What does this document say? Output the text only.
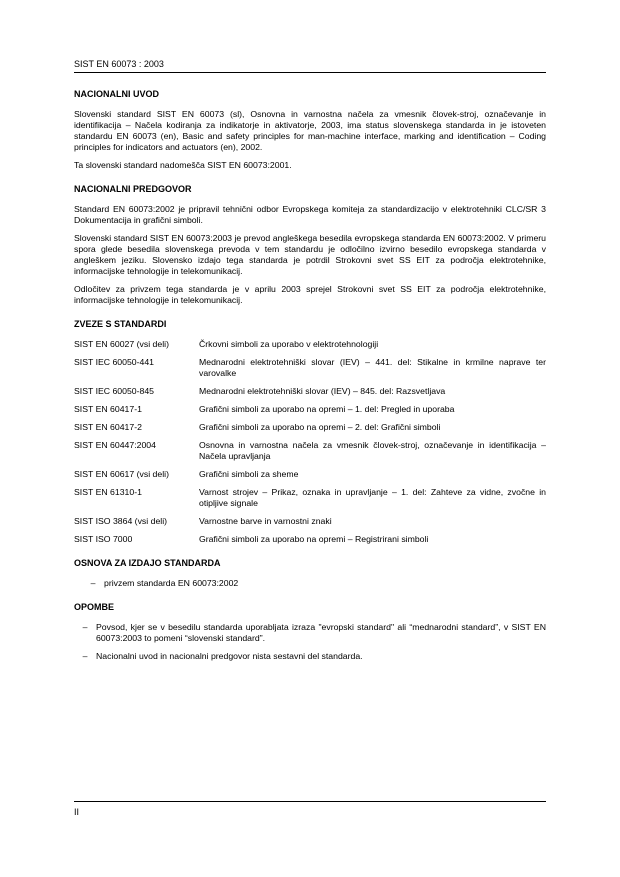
SIST EN 60073 : 2003
NACIONALNI UVOD

Slovenski standard SIST EN 60073 (sl), Osnovna in varnostna načela za vmesnik človek-stroj, označevanje in identifikacija – Načela kodiranja za indikatorje in aktivatorje, 2003, ima status slovenskega standarda in je istoveten standardu EN 60073 (en), Basic and safety principles for man-machine interface, marking and identification – Coding principles for indicators and actuators (en), 2002.

Ta slovenski standard nadomešča SIST EN 60073:2001.

NACIONALNI PREDGOVOR

Standard EN 60073:2002 je pripravil tehnični odbor Evropskega komiteja za standardizacijo v elektrotehniki CLC/SR 3 Dokumentacija in grafični simboli.

Slovenski standard SIST EN 60073:2003 je prevod angleškega besedila evropskega standarda EN 60073:2002. V primeru spora glede besedila slovenskega prevoda v tem standardu je odločilno izvirno besedilo evropskega standarda v angleškem jeziku. Slovensko izdajo tega standarda je potrdil Strokovni svet SS EIT za področja elektrotehnike, informacijske tehnologije in telekomunikacij.

Odločitev za privzem tega standarda je v aprilu 2003 sprejel Strokovni svet SS EIT za področja elektrotehnike, informacijske tehnologije in telekomunikacij.

ZVEZE S STANDARDI
SIST EN 60027 (vsi deli)	Črkovni simboli za uporabo v elektrotehnologiji
SIST IEC 60050-441	Mednarodni elektrotehniški slovar (IEV) – 441. del: Stikalne in krmilne naprave ter varovalke
SIST IEC 60050-845	Mednarodni elektrotehniški slovar (IEV) – 845. del: Razsvetljava
SIST EN 60417-1	Grafični simboli za uporabo na opremi – 1. del: Pregled in uporaba
SIST EN 60417-2	Grafični simboli za uporabo na opremi – 2. del: Grafični simboli
SIST EN 60447:2004	Osnovna in varnostna načela za vmesnik človek-stroj, označevanje in identifikacija – Načela upravljanja
SIST EN 60617 (vsi deli)	Grafični simboli za sheme
SIST EN 61310-1	Varnost strojev – Prikaz, oznaka in upravljanje – 1. del: Zahteve za vidne, zvočne in otipljive signale
SIST ISO 3864 (vsi deli)	Varnostne barve in varnostni znaki
SIST ISO 7000	Grafični simboli za uporabo na opremi – Registrirani simboli
OSNOVA ZA IZDAJO STANDARDA
– privzem standarda EN 60073:2002
OPOMBE
– Povsod, kjer se v besedilu standarda uporabljata izraza "evropski standard" ali “mednarodni standard”, v SIST EN 60073:2003 to pomeni “slovenski standard”.
– Nacionalni uvod in nacionalni predgovor nista sestavni del standarda.
II
